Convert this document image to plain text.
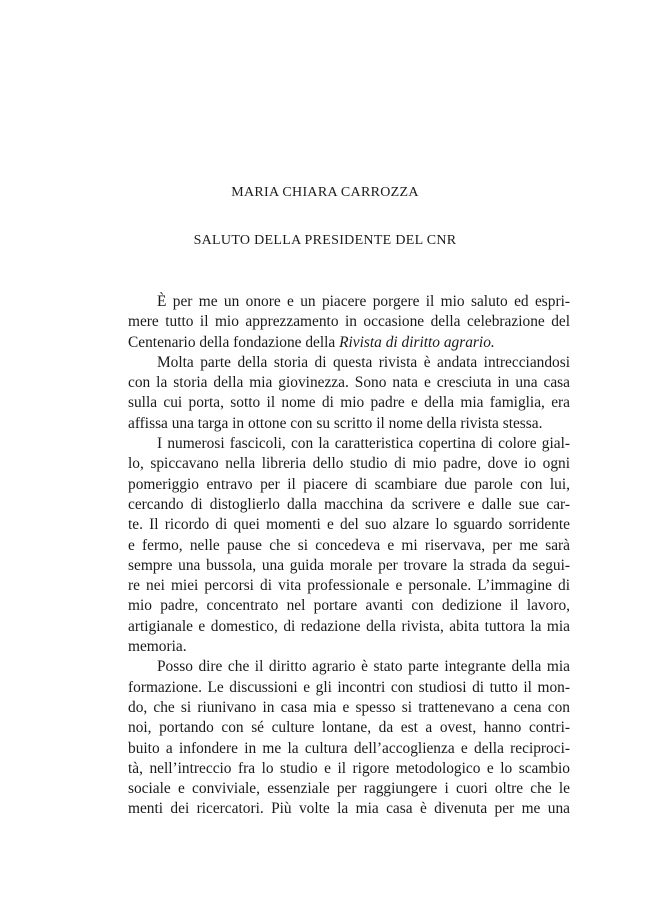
MARIA CHIARA CARROZZA
SALUTO DELLA PRESIDENTE DEL CNR
È per me un onore e un piacere porgere il mio saluto ed espri-
mere tutto il mio apprezzamento in occasione della celebrazione del
Centenario della fondazione della Rivista di diritto agrario.
Molta parte della storia di questa rivista è andata intrecciandosi
con la storia della mia giovinezza. Sono nata e cresciuta in una casa
sulla cui porta, sotto il nome di mio padre e della mia famiglia, era
affissa una targa in ottone con su scritto il nome della rivista stessa.
I numerosi fascicoli, con la caratteristica copertina di colore gial-
lo, spiccavano nella libreria dello studio di mio padre, dove io ogni
pomeriggio entravo per il piacere di scambiare due parole con lui,
cercando di distoglierlo dalla macchina da scrivere e dalle sue car-
te. Il ricordo di quei momenti e del suo alzare lo sguardo sorridente
e fermo, nelle pause che si concedeva e mi riservava, per me sarà
sempre una bussola, una guida morale per trovare la strada da segui-
re nei miei percorsi di vita professionale e personale. L’immagine di
mio padre, concentrato nel portare avanti con dedizione il lavoro,
artigianale e domestico, di redazione della rivista, abita tuttora la mia
memoria.
Posso dire che il diritto agrario è stato parte integrante della mia
formazione. Le discussioni e gli incontri con studiosi di tutto il mon-
do, che si riunivano in casa mia e spesso si trattenevano a cena con
noi, portando con sé culture lontane, da est a ovest, hanno contri-
buito a infondere in me la cultura dell’accoglienza e della reciproci-
tà, nell’intreccio fra lo studio e il rigore metodologico e lo scambio
sociale e conviviale, essenziale per raggiungere i cuori oltre che le
menti dei ricercatori. Più volte la mia casa è divenuta per me una
